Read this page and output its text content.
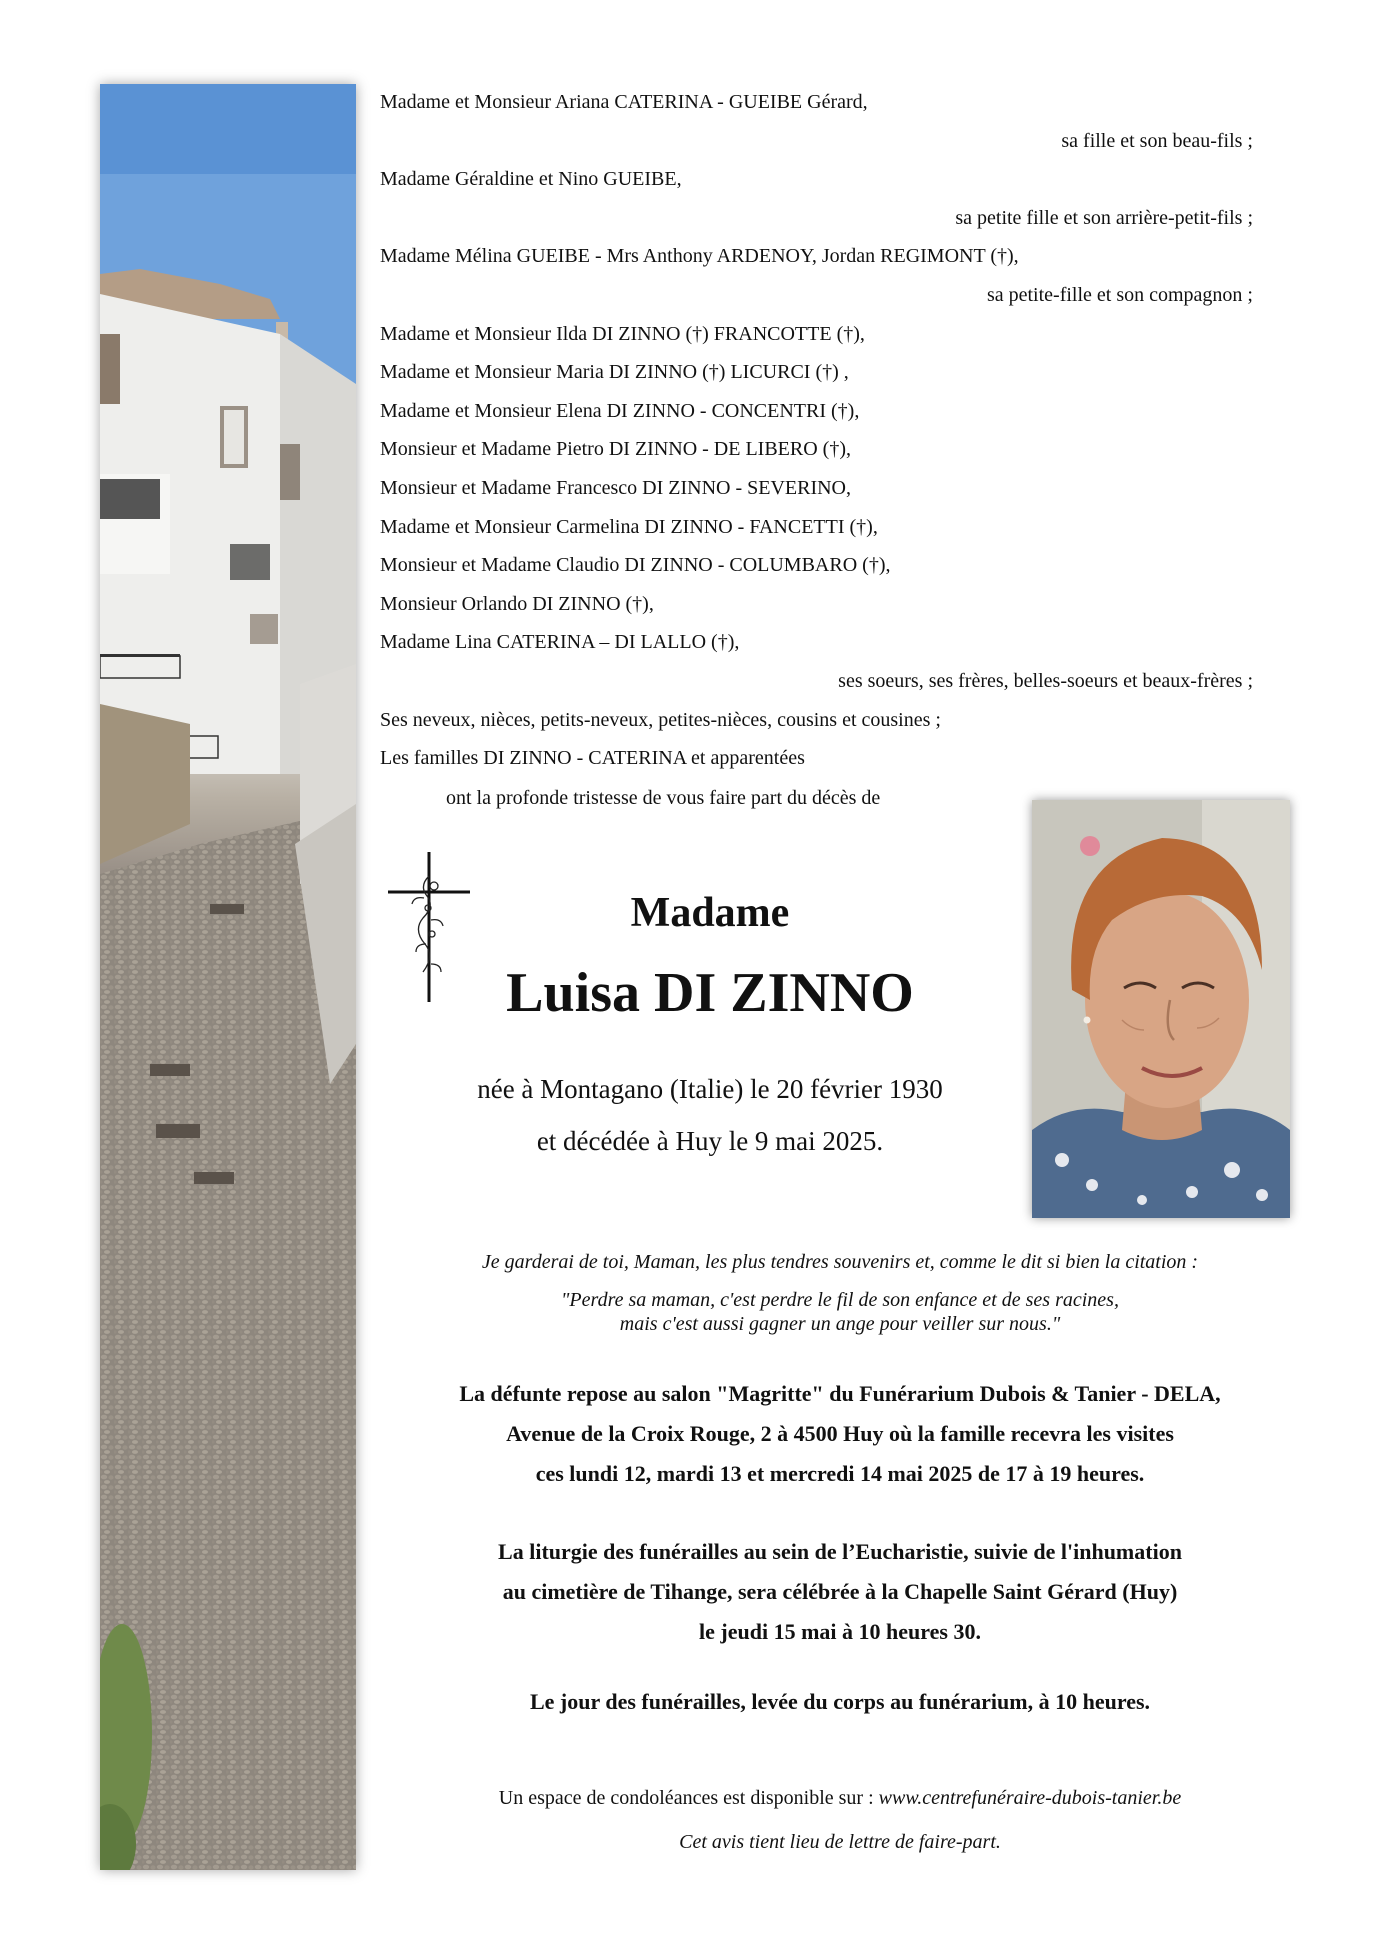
Madame et Monsieur Ariana CATERINA - GUEIBE Gérard,
sa fille et son beau-fils ;
Madame Géraldine et Nino GUEIBE,
sa petite fille et son arrière-petit-fils ;
Madame Mélina GUEIBE - Mrs Anthony ARDENOY, Jordan REGIMONT (†),
sa petite-fille et son compagnon ;
Madame et Monsieur Ilda DI ZINNO (†) FRANCOTTE (†),
Madame et Monsieur Maria DI ZINNO (†) LICURCI (†) ,
Madame et Monsieur Elena DI ZINNO - CONCENTRI (†),
Monsieur et Madame Pietro DI ZINNO - DE LIBERO (†),
Monsieur et Madame Francesco DI ZINNO - SEVERINO,
Madame et Monsieur Carmelina DI ZINNO - FANCETTI (†),
Monsieur et Madame Claudio DI ZINNO - COLUMBARO (†),
Monsieur Orlando DI ZINNO (†),
Madame Lina CATERINA – DI LALLO (†),
ses soeurs, ses frères, belles-soeurs et beaux-frères ;
Ses neveux, nièces, petits-neveux, petites-nièces, cousins et cousines ;
Les familles DI ZINNO - CATERINA et apparentées
ont la profonde tristesse de vous faire part du décès de
Madame
Luisa DI ZINNO
née à Montagano (Italie) le 20 février 1930
et décédée à Huy le 9 mai 2025.
Je garderai de toi, Maman, les plus tendres souvenirs et, comme le dit si bien la citation :
"Perdre sa maman, c'est perdre le fil de son enfance et de ses racines,
mais c'est aussi gagner un ange pour veiller sur nous."
La défunte repose au salon "Magritte" du Funérarium Dubois & Tanier - DELA,
Avenue de la Croix Rouge, 2 à 4500 Huy où la famille recevra les visites
ces lundi 12, mardi 13 et mercredi 14 mai 2025 de 17 à 19 heures.
La liturgie des funérailles au sein de l’Eucharistie, suivie de l'inhumation
au cimetière de Tihange, sera célébrée à la Chapelle Saint Gérard (Huy)
le jeudi 15 mai à 10 heures 30.
Le jour des funérailles, levée du corps au funérarium, à 10 heures.
Un espace de condoléances est disponible sur : www.centrefunéraire-dubois-tanier.be
Cet avis tient lieu de lettre de faire-part.
